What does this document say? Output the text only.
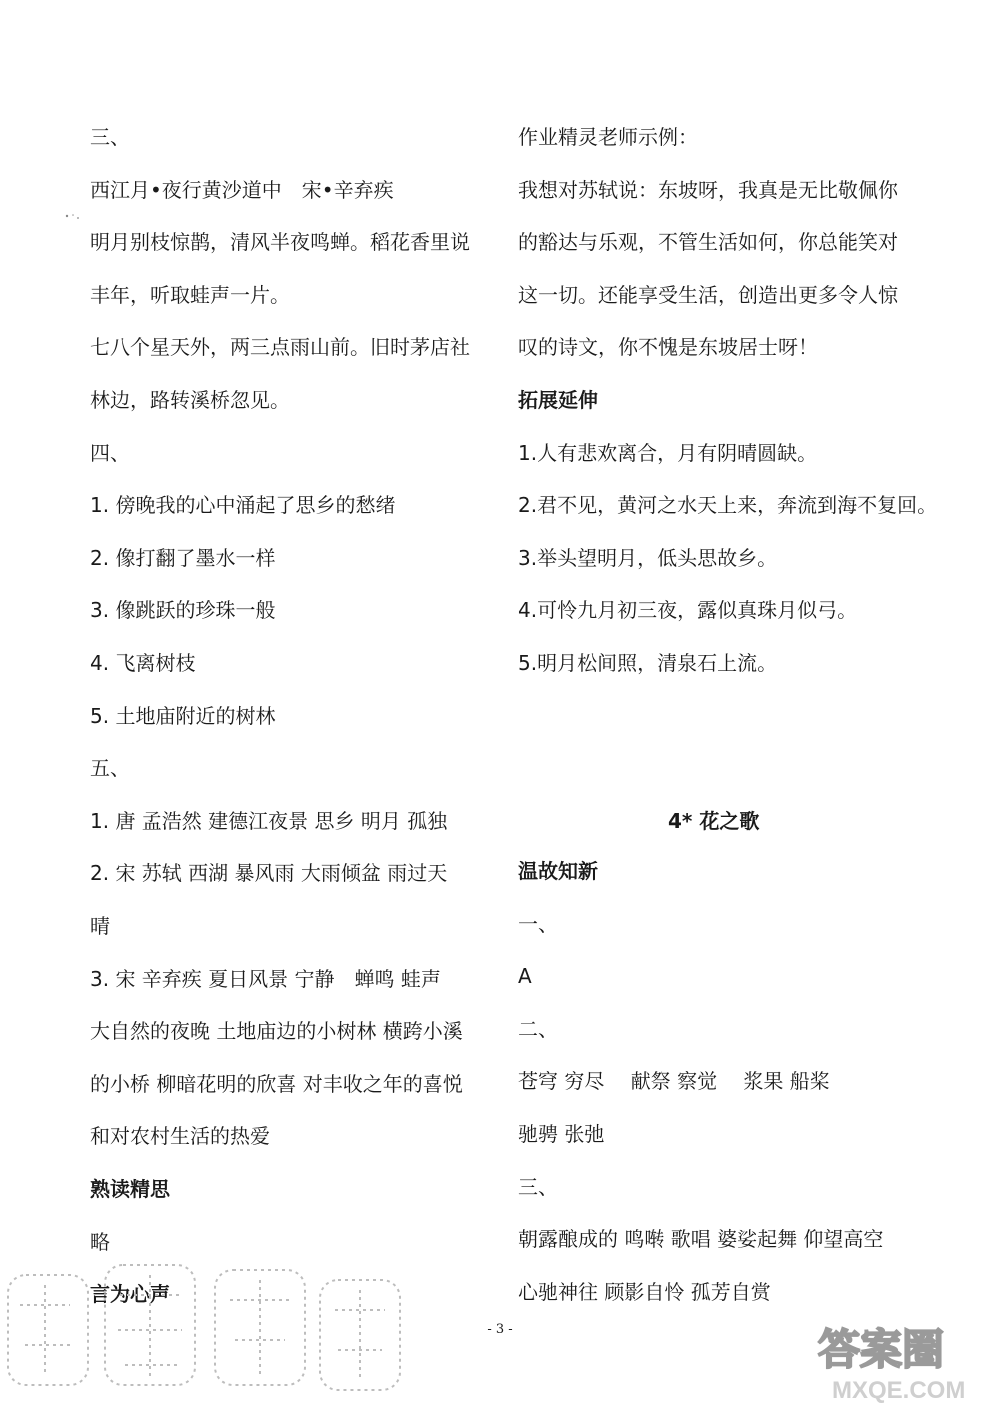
三、
西江月•夜行黄沙道中　宋•辛弃疾
明月别枝惊鹊，清风半夜鸣蝉。稻花香里说
丰年，听取蛙声一片。
七八个星天外，两三点雨山前。旧时茅店社
林边，路转溪桥忽见。
四、
1. 傍晚我的心中涌起了思乡的愁绪
2. 像打翻了墨水一样
3. 像跳跃的珍珠一般
4. 飞离树枝
5. 土地庙附近的树林
五、
1. 唐 孟浩然 建德江夜景 思乡 明月 孤独
2. 宋 苏轼 西湖 暴风雨 大雨倾盆 雨过天
晴
3. 宋 辛弃疾 夏日风景 宁静　蝉鸣 蛙声
大自然的夜晚 土地庙边的小树林 横跨小溪
的小桥 柳暗花明的欣喜 对丰收之年的喜悦
和对农村生活的热爱
熟读精思
略
言为心声
作业精灵老师示例：
我想对苏轼说：东坡呀，我真是无比敬佩你
的豁达与乐观，不管生活如何，你总能笑对
这一切。还能享受生活，创造出更多令人惊
叹的诗文，你不愧是东坡居士呀！
拓展延伸
1.人有悲欢离合，月有阴晴圆缺。
2.君不见，黄河之水天上来，奔流到海不复回。
3.举头望明月，低头思故乡。
4.可怜九月初三夜，露似真珠月似弓。
5.明月松间照，清泉石上流。
温故知新
一、
A
二、
苍穹 穷尽　 献祭 察觉　 浆果 船桨
驰骋 张弛
三、
朝露酿成的 鸣啭 歌唱 婆娑起舞 仰望高空
心驰神往 顾影自怜 孤芳自赏
4* 花之歌
- 3 -	答案圈
MXQE.COM
